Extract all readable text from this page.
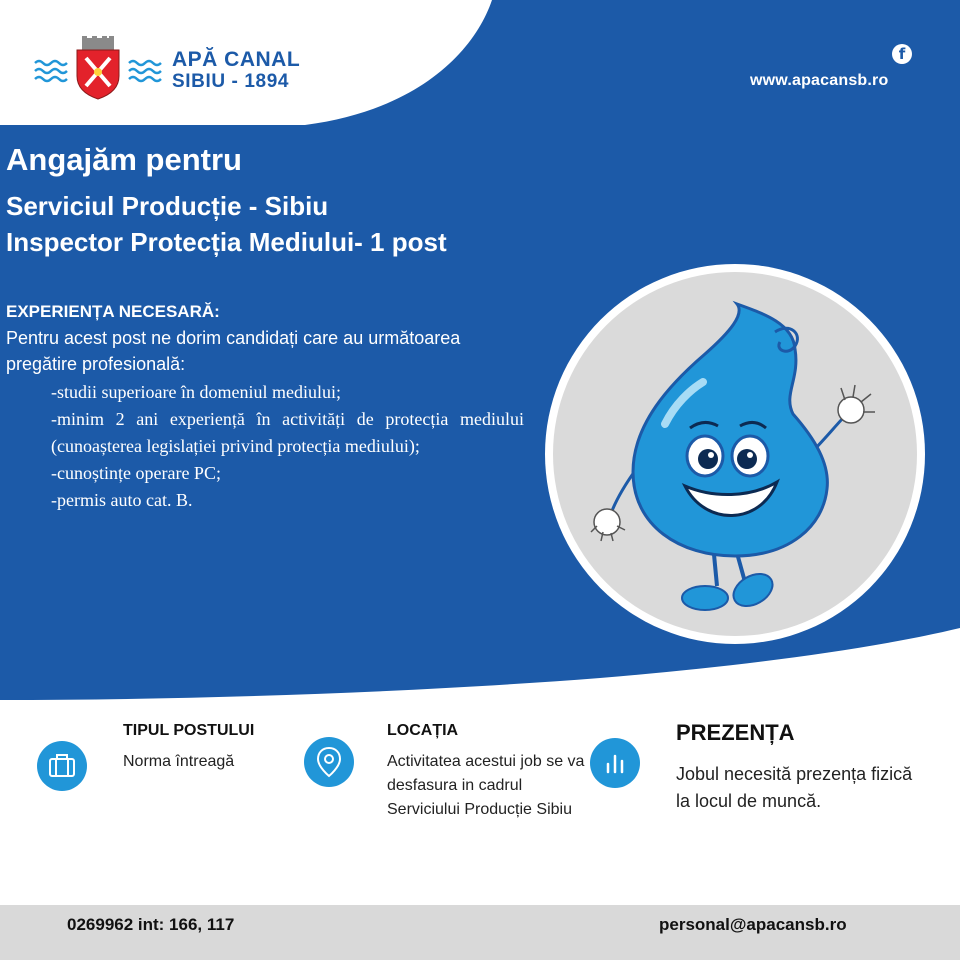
APĂ CANAL
SIBIU - 1894
f
www.apacansb.ro
Angajăm pentru
Serviciul Producție - Sibiu
Inspector Protecția Mediului- 1 post
EXPERIENȚA NECESARĂ:
Pentru acest post ne dorim candidați care au următoarea pregătire profesională:
-studii superioare în domeniul mediului;
-minim 2 ani experiență în activități de protecția mediului (cunoașterea legislației privind protecția mediului);
-cunoștințe operare PC;
-permis auto cat. B.
TIPUL POSTULUI
Norma întreagă
LOCAȚIA
Activitatea acestui job se va desfasura in cadrul Serviciului Producție Sibiu
PREZENȚA
Jobul necesită prezența fizică la locul de muncă.
0269962 int: 166, 117	personal@apacansb.ro
